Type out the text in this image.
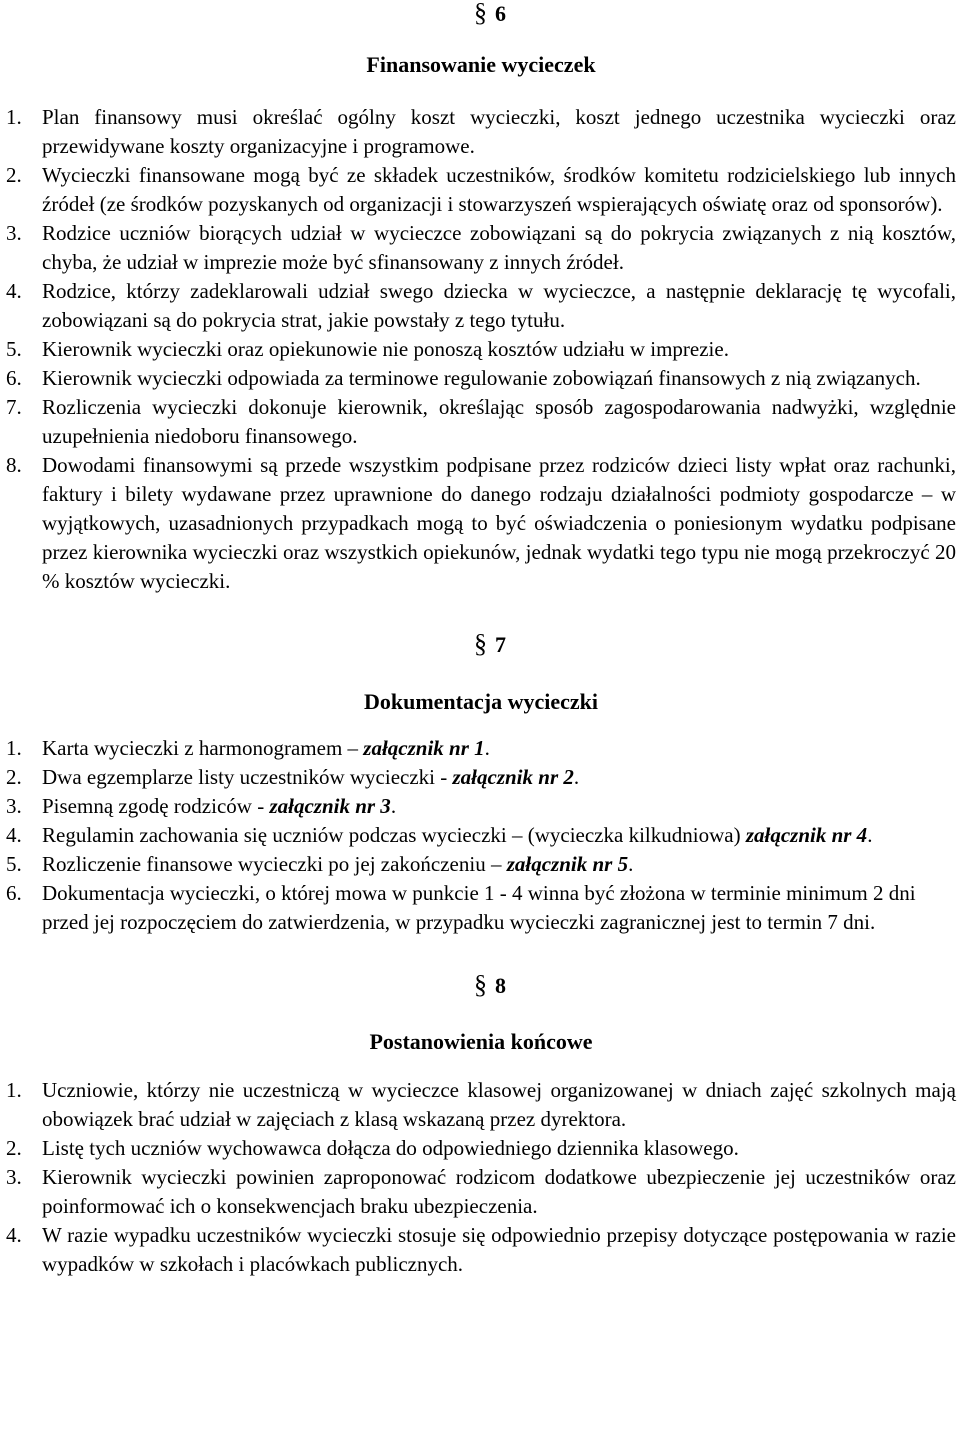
§ 6
Finansowanie wycieczek
1. Plan finansowy musi określać ogólny koszt wycieczki, koszt jednego uczestnika wycieczki oraz przewidywane koszty organizacyjne i programowe.
2. Wycieczki finansowane mogą być ze składek uczestników, środków komitetu rodzicielskiego lub innych źródeł (ze środków pozyskanych od organizacji i stowarzyszeń wspierających oświatę oraz od sponsorów).
3. Rodzice uczniów biorących udział w wycieczce zobowiązani są do pokrycia związanych z nią kosztów, chyba, że udział w imprezie może być sfinansowany z innych źródeł.
4. Rodzice, którzy zadeklarowali udział swego dziecka w wycieczce, a następnie deklarację tę wycofali, zobowiązani są do pokrycia strat, jakie powstały z tego tytułu.
5. Kierownik wycieczki oraz opiekunowie nie ponoszą kosztów udziału w imprezie.
6. Kierownik wycieczki odpowiada za terminowe regulowanie zobowiązań finansowych z nią związanych.
7. Rozliczenia wycieczki dokonuje kierownik, określając sposób zagospodarowania nadwyżki, względnie uzupełnienia niedoboru finansowego.
8. Dowodami finansowymi są przede wszystkim podpisane przez rodziców dzieci listy wpłat oraz rachunki, faktury i bilety wydawane przez uprawnione do danego rodzaju działalności podmioty gospodarcze – w wyjątkowych, uzasadnionych przypadkach mogą to być oświadczenia o poniesionym wydatku podpisane przez kierownika wycieczki oraz wszystkich opiekunów, jednak wydatki tego typu nie mogą przekroczyć 20 % kosztów wycieczki.
§ 7
Dokumentacja wycieczki
1. Karta wycieczki z harmonogramem – załącznik nr 1.
2. Dwa egzemplarze listy uczestników wycieczki - załącznik nr 2.
3. Pisemną zgodę rodziców - załącznik nr 3.
4. Regulamin zachowania się uczniów podczas wycieczki – (wycieczka kilkudniowa) załącznik nr 4.
5. Rozliczenie finansowe wycieczki po jej zakończeniu – załącznik nr 5.
6. Dokumentacja wycieczki, o której mowa w punkcie 1 - 4 winna być złożona w terminie minimum 2 dni przed jej rozpoczęciem do zatwierdzenia, w przypadku wycieczki zagranicznej jest to termin 7 dni.
§ 8
Postanowienia końcowe
1. Uczniowie, którzy nie uczestniczą w wycieczce klasowej organizowanej w dniach zajęć szkolnych mają obowiązek brać udział w zajęciach z klasą wskazaną przez dyrektora.
2. Listę tych uczniów wychowawca dołącza do odpowiedniego dziennika klasowego.
3. Kierownik wycieczki powinien zaproponować rodzicom dodatkowe ubezpieczenie jej uczestników oraz poinformować ich o konsekwencjach braku ubezpieczenia.
4. W razie wypadku uczestników wycieczki stosuje się odpowiednio przepisy dotyczące postępowania w razie wypadków w szkołach i placówkach publicznych.
